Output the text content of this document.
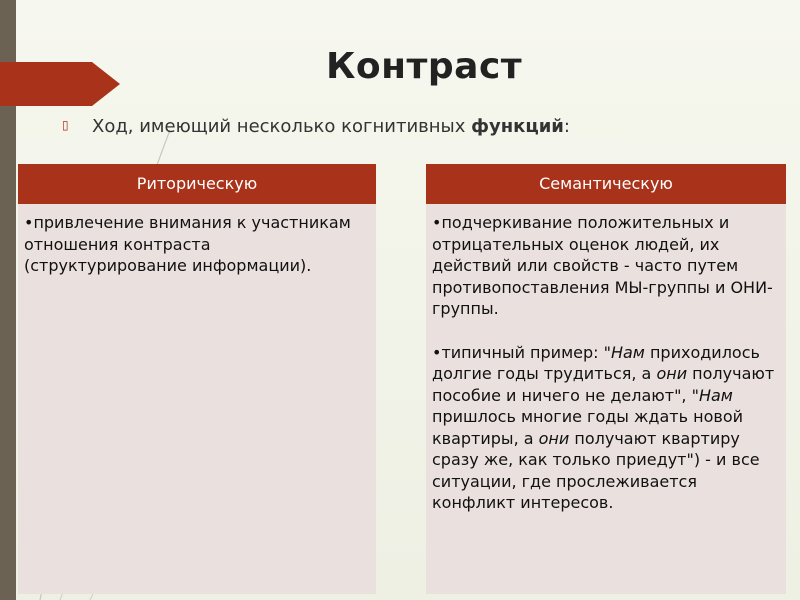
Контраст
▯ Ход, имеющий несколько когнитивных функций:
Риторическую

•привлечение внимания к участникам отношения контраста (структурирование информации).

Семантическую

•подчеркивание положительных и отрицательных оценок людей, их действий или свойств - часто путем противопоставления МЫ-группы и ОНИ-группы.

•типичный пример: "Нам приходилось долгие годы трудиться, а они получают пособие и ничего не делают", "Нам пришлось многие годы ждать новой квартиры, а они получают квартиру сразу же, как только приедут") - и все ситуации, где прослеживается конфликт интересов.
